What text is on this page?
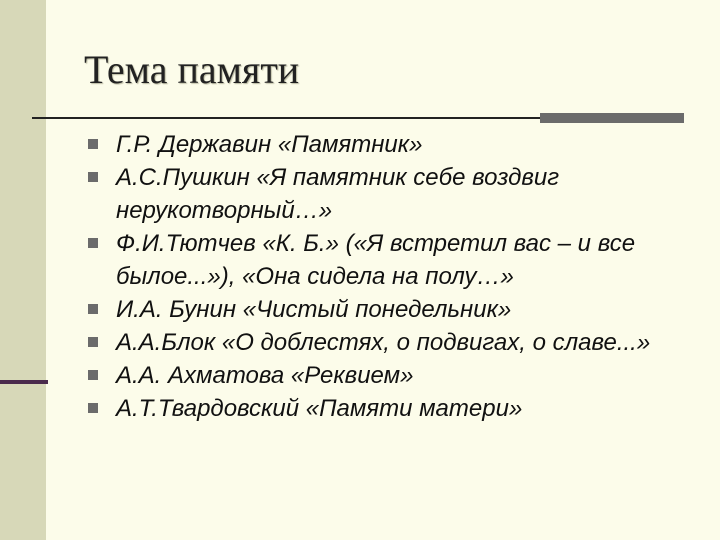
Тема памяти
Г.Р. Державин «Памятник»
А.С.Пушкин «Я памятник себе воздвиг нерукотворный…»
Ф.И.Тютчев «К. Б.» («Я встретил вас – и все былое...»), «Она сидела на полу…»
И.А. Бунин «Чистый понедельник»
А.А.Блок «О доблестях, о подвигах, о славе...»
А.А. Ахматова «Реквием»
А.Т.Твардовский «Памяти матери»
